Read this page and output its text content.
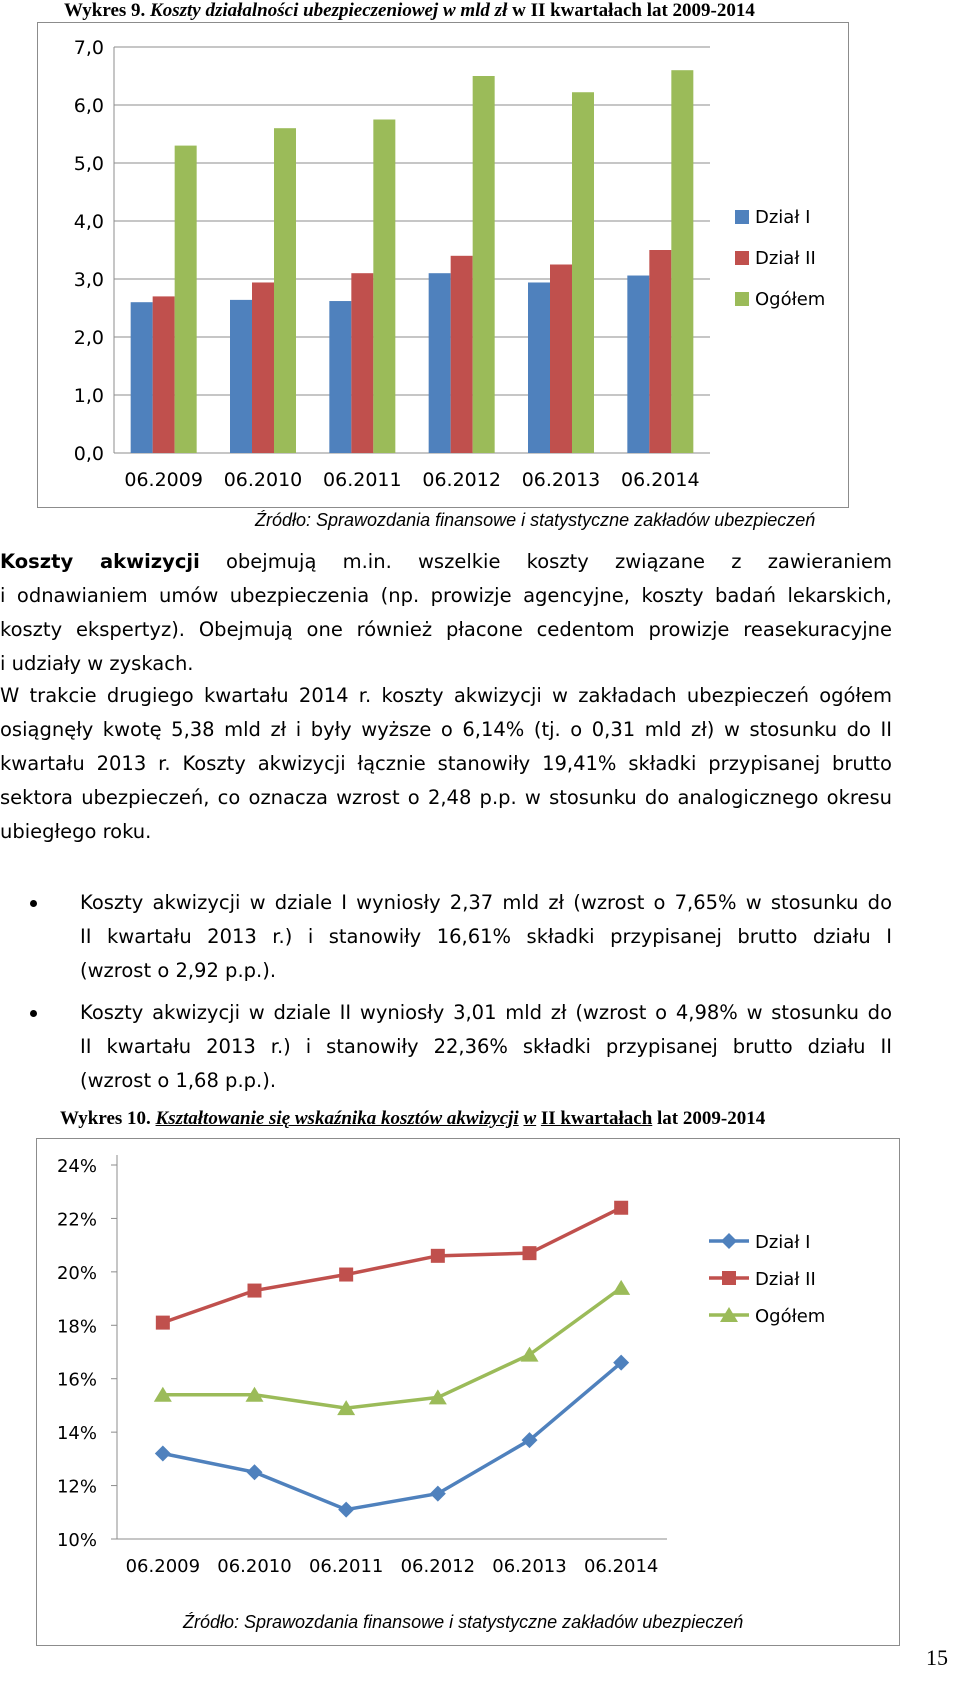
Wykres 9. Koszty działalności ubezpieczeniowej w mld zł w II kwartałach lat 2009-2014
0,0
1,0
2,0
3,0
4,0
5,0
6,0
7,0
06.2009 06.2010 06.2011 06.2012 06.2013 06.2014
Dział I
Dział II
Ogółem
Źródło: Sprawozdania finansowe i statystyczne zakładów ubezpieczeń
Koszty akwizycji obejmują m.in. wszelkie koszty związane z zawieraniem
i odnawianiem umów ubezpieczenia (np. prowizje agencyjne, koszty badań lekarskich,
koszty ekspertyz). Obejmują one również płacone cedentom prowizje reasekuracyjne
i udziały w zyskach.
W trakcie drugiego kwartału 2014 r. koszty akwizycji w zakładach ubezpieczeń ogółem
osiągnęły kwotę 5,38 mld zł i były wyższe o 6,14% (tj. o 0,31 mld zł) w stosunku do II
kwartału 2013 r. Koszty akwizycji łącznie stanowiły 19,41% składki przypisanej brutto
sektora ubezpieczeń, co oznacza wzrost o 2,48 p.p. w stosunku do analogicznego okresu
ubiegłego roku.
Koszty akwizycji w dziale I wyniosły 2,37 mld zł (wzrost o 7,65% w stosunku do
II kwartału 2013 r.) i stanowiły 16,61% składki przypisanej brutto działu I
(wzrost o 2,92 p.p.).
Koszty akwizycji w dziale II wyniosły 3,01 mld zł (wzrost o 4,98% w stosunku do
II kwartału 2013 r.) i stanowiły 22,36% składki przypisanej brutto działu II
(wzrost o 1,68 p.p.).
Wykres 10. Kształtowanie się wskaźnika kosztów akwizycji w II kwartałach lat 2009-2014
10%
12%
14%
16%
18%
20%
22%
24%
06.2009 06.2010 06.2011 06.2012 06.2013 06.2014
Dział I
Dział II
Ogółem
Źródło: Sprawozdania finansowe i statystyczne zakładów ubezpieczeń
15
